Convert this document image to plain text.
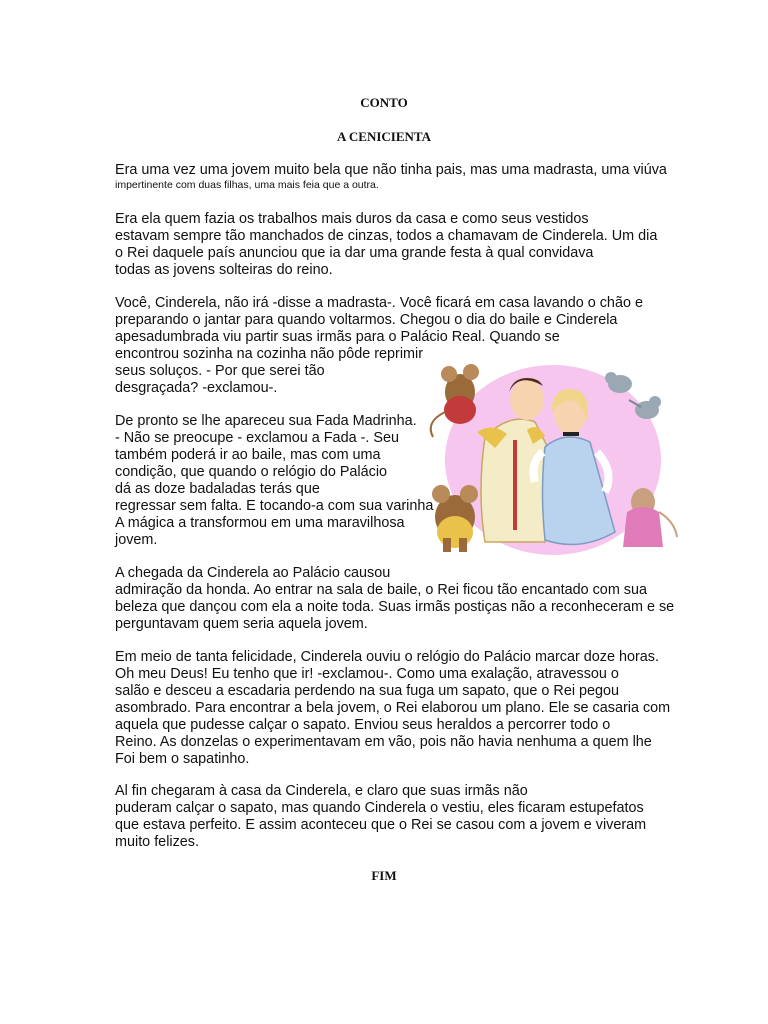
CONTO
A CENICIENTA
Era uma vez uma jovem muito bela que não tinha pais, mas uma madrasta, uma viúva
impertinente com duas filhas, uma mais feia que a outra.
Era ela quem fazia os trabalhos mais duros da casa e como seus vestidos
estavam sempre tão manchados de cinzas, todos a chamavam de Cinderela. Um dia
o Rei daquele país anunciou que ia dar uma grande festa à qual convidava
todas as jovens solteiras do reino.
Você, Cinderela, não irá -disse a madrasta-. Você ficará em casa lavando o chão e
preparando o jantar para quando voltarmos. Chegou o dia do baile e Cinderela
apesadumbrada viu partir suas irmãs para o Palácio Real. Quando se
encontrou sozinha na cozinha não pôde reprimir
seus soluços. - Por que serei tão
desgraçada? -exclamou-.
De pronto se lhe apareceu sua Fada Madrinha.
- Não se preocupe - exclamou a Fada -. Seu
também poderá ir ao baile, mas com uma
condição, que quando o relógio do Palácio
dá as doze badaladas terás que
regressar sem falta. E tocando-a com sua varinha
A mágica a transformou em uma maravilhosa
jovem.
A chegada da Cinderela ao Palácio causou
admiração da honda. Ao entrar na sala de baile, o Rei ficou tão encantado com sua
beleza que dançou com ela a noite toda. Suas irmãs postiças não a reconheceram e se
perguntavam quem seria aquela jovem.
Em meio de tanta felicidade, Cinderela ouviu o relógio do Palácio marcar doze horas.
Oh meu Deus! Eu tenho que ir! -exclamou-. Como uma exalação, atravessou o
salão e desceu a escadaria perdendo na sua fuga um sapato, que o Rei pegou
asombrado. Para encontrar a bela jovem, o Rei elaborou um plano. Ele se casaria com
aquela que pudesse calçar o sapato. Enviou seus heraldos a percorrer todo o
Reino. As donzelas o experimentavam em vão, pois não havia nenhuma a quem lhe
Foi bem o sapatinho.
Al fin chegaram à casa da Cinderela, e claro que suas irmãs não
puderam calçar o sapato, mas quando Cinderela o vestiu, eles ficaram estupefatos
que estava perfeito. E assim aconteceu que o Rei se casou com a jovem e viveram
muito felizes.
FIM
